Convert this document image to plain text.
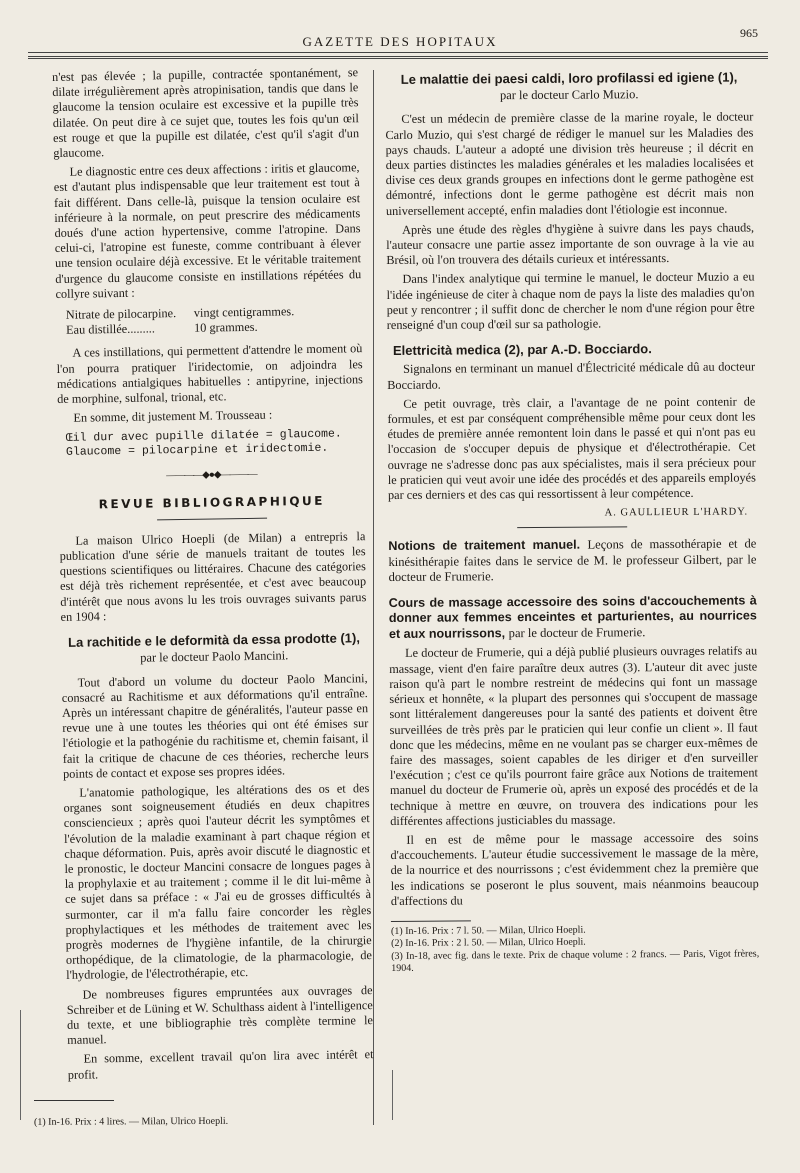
GAZETTE DES HOPITAUX
965

n'est pas élevée ; la pupille, contractée spontanément, se dilate irrégulièrement après atropinisation, tandis que dans le glaucome la tension oculaire est excessive et la pupille très dilatée. On peut dire à ce sujet que, toutes les fois qu'un œil est rouge et que la pupille est dilatée, c'est qu'il s'agit d'un glaucome.

Le diagnostic entre ces deux affections : iritis et glaucome, est d'autant plus indispensable que leur traitement est tout à fait différent. Dans celle-là, puisque la tension oculaire est inférieure à la normale, on peut prescrire des médicaments doués d'une action hypertensive, comme l'atropine. Dans celui-ci, l'atropine est funeste, comme contribuant à élever une tension oculaire déjà excessive. Et le véritable traitement d'urgence du glaucome consiste en instillations répétées du collyre suivant :

Nitrate de pilocarpine.	vingt centigrammes.
Eau distillée.........	10 grammes.

A ces instillations, qui permettent d'attendre le moment où l'on pourra pratiquer l'iridectomie, on adjoindra les médications antialgiques habituelles : antipyrine, injections de morphine, sulfonal, trional, etc.

En somme, dit justement M. Trousseau :

Œil dur avec pupille dilatée = glaucome.
Glaucome = pilocarpine et iridectomie.
————◆●◆————
REVUE BIBLIOGRAPHIQUE

La maison Ulrico Hoepli (de Milan) a entrepris la publication d'une série de manuels traitant de toutes les questions scientifiques ou littéraires. Chacune des catégories est déjà très richement représentée, et c'est avec beaucoup d'intérêt que nous avons lu les trois ouvrages suivants parus en 1904 :

La rachitide e le deformità da essa prodotte (1),
par le docteur Paolo Mancini.

Tout d'abord un volume du docteur Paolo Mancini, consacré au Rachitisme et aux déformations qu'il entraîne. Après un intéressant chapitre de généralités, l'auteur passe en revue une à une toutes les théories qui ont été émises sur l'étiologie et la pathogénie du rachitisme et, chemin faisant, il fait la critique de chacune de ces théories, recherche leurs points de contact et expose ses propres idées.

L'anatomie pathologique, les altérations des os et des organes sont soigneusement étudiés en deux chapitres consciencieux ; après quoi l'auteur décrit les symptômes et l'évolution de la maladie examinant à part chaque région et chaque déformation. Puis, après avoir discuté le diagnostic et le pronostic, le docteur Mancini consacre de longues pages à la prophylaxie et au traitement ; comme il le dit lui-même à ce sujet dans sa préface : « J'ai eu de grosses difficultés à surmonter, car il m'a fallu faire concorder les règles prophylactiques et les méthodes de traitement avec les progrès modernes de l'hygiène infantile, de la chirurgie orthopédique, de la climatologie, de la pharmacologie, de l'hydrologie, de l'électrothérapie, etc.

De nombreuses figures empruntées aux ouvrages de Schreiber et de Lüning et W. Schulthass aident à l'intelligence du texte, et une bibliographie très complète termine le manuel.

En somme, excellent travail qu'on lira avec intérêt et profit.

(1) In-16. Prix : 4 lires. — Milan, Ulrico Hoepli.
Le malattie dei paesi caldi, loro profilassi ed igiene (1),
par le docteur Carlo Muzio.

C'est un médecin de première classe de la marine royale, le docteur Carlo Muzio, qui s'est chargé de rédiger le manuel sur les Maladies des pays chauds. L'auteur a adopté une division très heureuse ; il décrit en deux parties distinctes les maladies générales et les maladies localisées et divise ces deux grands groupes en infections dont le germe pathogène est démontré, infections dont le germe pathogène est décrit mais non universellement accepté, enfin maladies dont l'étiologie est inconnue.

Après une étude des règles d'hygiène à suivre dans les pays chauds, l'auteur consacre une partie assez importante de son ouvrage à la vie au Brésil, où l'on trouvera des détails curieux et intéressants.

Dans l'index analytique qui termine le manuel, le docteur Muzio a eu l'idée ingénieuse de citer à chaque nom de pays la liste des maladies qu'on peut y rencontrer ; il suffit donc de chercher le nom d'une région pour être renseigné d'un coup d'œil sur sa pathologie.

Elettricità medica (2), par A.-D. Bocciardo.

Signalons en terminant un manuel d'Électricité médicale dû au docteur Bocciardo.

Ce petit ouvrage, très clair, a l'avantage de ne point contenir de formules, et est par conséquent compréhensible même pour ceux dont les études de première année remontent loin dans le passé et qui n'ont pas eu l'occasion de s'occuper depuis de physique et d'électrothérapie. Cet ouvrage ne s'adresse donc pas aux spécialistes, mais il sera précieux pour le praticien qui veut avoir une idée des procédés et des appareils employés par ces derniers et des cas qui ressortissent à leur compétence.

A. GAULLIEUR L'HARDY.
Notions de traitement manuel. Leçons de massothérapie et de kinésithérapie faites dans le service de M. le professeur Gilbert, par le docteur de Frumerie.
Cours de massage accessoire des soins d'accouchements à donner aux femmes enceintes et parturientes, au nourrices et aux nourrissons, par le docteur de Frumerie.

Le docteur de Frumerie, qui a déjà publié plusieurs ouvrages relatifs au massage, vient d'en faire paraître deux autres (3). L'auteur dit avec juste raison qu'à part le nombre restreint de médecins qui font un massage sérieux et honnête, « la plupart des personnes qui s'occupent de massage sont littéralement dangereuses pour la santé des patients et doivent être surveillées de très près par le praticien qui leur confie un client ». Il faut donc que les médecins, même en ne voulant pas se charger eux-mêmes de faire des massages, soient capables de les diriger et d'en surveiller l'exécution ; c'est ce qu'ils pourront faire grâce aux Notions de traitement manuel du docteur de Frumerie où, après un exposé des procédés et de la technique à mettre en œuvre, on trouvera des indications pour les différentes affections justiciables du massage.

Il en est de même pour le massage accessoire des soins d'accouchements. L'auteur étudie successivement le massage de la mère, de la nourrice et des nourrissons ; c'est évidemment chez la première que les indications se poseront le plus souvent, mais néanmoins beaucoup d'affections du

(1) In-16. Prix : 7 l. 50. — Milan, Ulrico Hoepli.
(2) In-16. Prix : 2 l. 50. — Milan, Ulrico Hoepli.
(3) In-18, avec fig. dans le texte. Prix de chaque volume : 2 francs. — Paris, Vigot frères, 1904.
